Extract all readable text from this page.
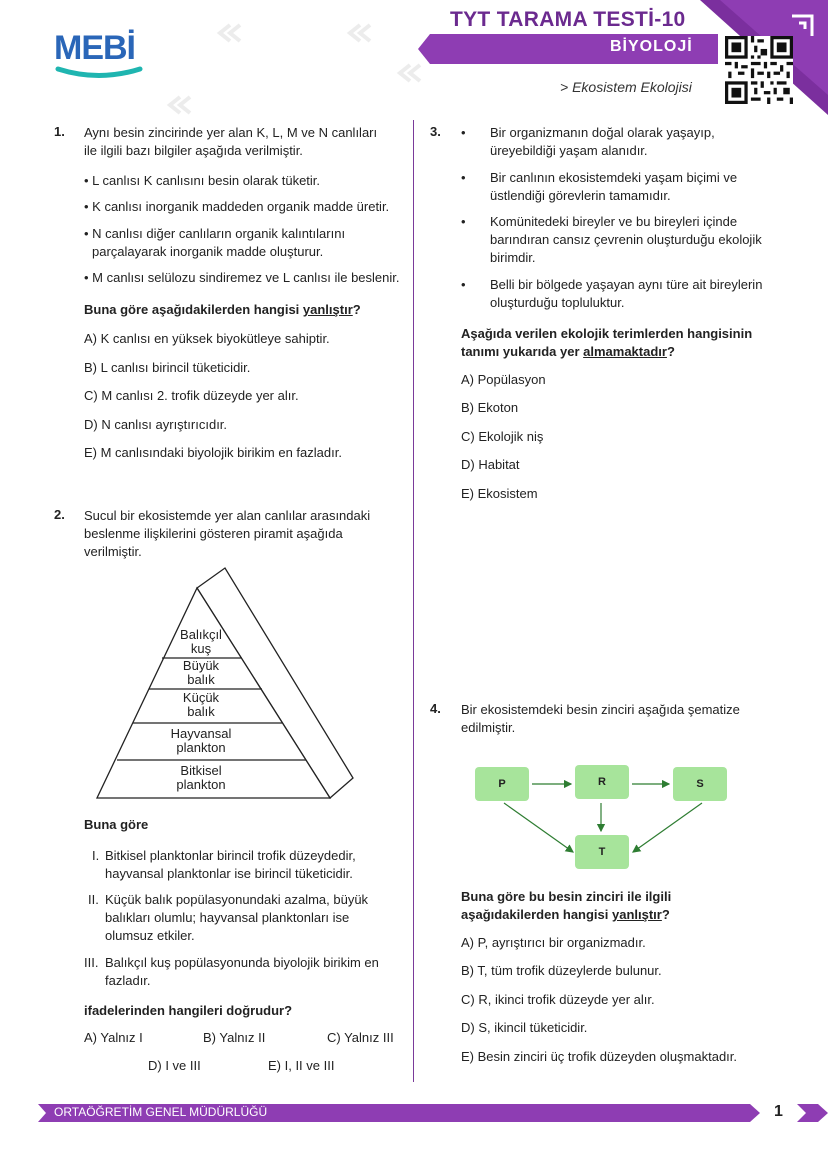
MEBİ
TYT TARAMA TESTİ-10
BİYOLOJİ
> Ekosistem Ekolojisi
1. Aynı besin zincirinde yer alan K, L, M ve N canlıları
ile ilgili bazı bilgiler aşağıda verilmiştir.
• L canlısı K canlısını besin olarak tüketir.
• K canlısı inorganik maddeden organik madde üretir.
• N canlısı diğer canlıların organik kalıntılarını
parçalayarak inorganik madde oluşturur.
• M canlısı selülozu sindiremez ve L canlısı ile beslenir.
Buna göre aşağıdakilerden hangisi yanlıştır?
A) K canlısı en yüksek biyokütleye sahiptir.
B) L canlısı birincil tüketicidir.
C) M canlısı 2. trofik düzeyde yer alır.
D) N canlısı ayrıştırıcıdır.
E) M canlısındaki biyolojik birikim en fazladır.
2. Sucul bir ekosistemde yer alan canlılar arasındaki
beslenme ilişkilerini gösteren piramit aşağıda
verilmiştir.
Balıkçıl
kuş
Büyük
balık
Küçük
balık
Hayvansal
plankton
Bitkisel
plankton
Buna göre
I. Bitkisel planktonlar birincil trofik düzeydedir,
hayvansal planktonlar ise birincil tüketicidir.
II. Küçük balık popülasyonundaki azalma, büyük
balıkları olumlu; hayvansal planktonları ise
olumsuz etkiler.
III. Balıkçıl kuş popülasyonunda biyolojik birikim en
fazladır.
ifadelerinden hangileri doğrudur?
A) Yalnız I	B) Yalnız II	C) Yalnız III
D) I ve III	E) I, II ve III
3. • Bir organizmanın doğal olarak yaşayıp,
üreyebildiği yaşam alanıdır.
• Bir canlının ekosistemdeki yaşam biçimi ve
üstlendiği görevlerin tamamıdır.
• Komünitedeki bireyler ve bu bireyleri içinde
barındıran cansız çevrenin oluşturduğu ekolojik
birimdir.
• Belli bir bölgede yaşayan aynı türe ait bireylerin
oluşturduğu topluluktur.
Aşağıda verilen ekolojik terimlerden hangisinin
tanımı yukarıda yer almamaktadır?
A) Popülasyon
B) Ekoton
C) Ekolojik niş
D) Habitat
E) Ekosistem
4. Bir ekosistemdeki besin zinciri aşağıda şematize
edilmiştir.
P	R	S
T
Buna göre bu besin zinciri ile ilgili
aşağıdakilerden hangisi yanlıştır?
A) P, ayrıştırıcı bir organizmadır.
B) T, tüm trofik düzeylerde bulunur.
C) R, ikinci trofik düzeyde yer alır.
D) S, ikincil tüketicidir.
E) Besin zinciri üç trofik düzeyden oluşmaktadır.
ORTAÖĞRETİM GENEL MÜDÜRLÜĞÜ	1
